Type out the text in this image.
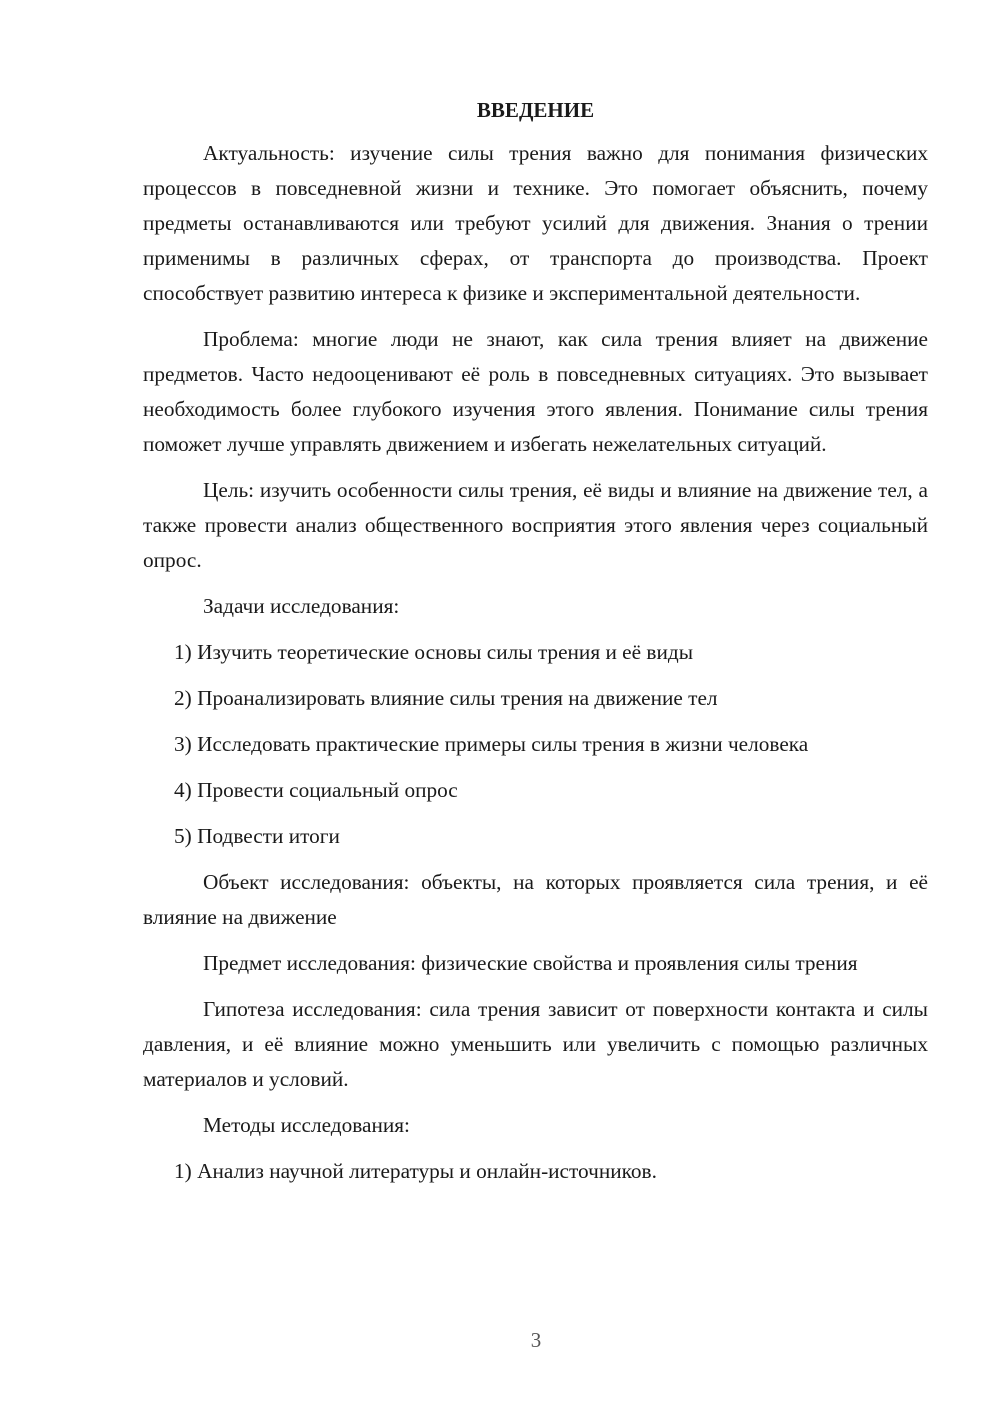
ВВЕДЕНИЕ

Актуальность: изучение силы трения важно для понимания физических процессов в повседневной жизни и технике. Это помогает объяснить, почему предметы останавливаются или требуют усилий для движения. Знания о трении применимы в различных сферах, от транспорта до производства. Проект способствует развитию интереса к физике и экспериментальной деятельности.

Проблема: многие люди не знают, как сила трения влияет на движение предметов. Часто недооценивают её роль в повседневных ситуациях. Это вызывает необходимость более глубокого изучения этого явления. Понимание силы трения поможет лучше управлять движением и избегать нежелательных ситуаций.

Цель: изучить особенности силы трения, её виды и влияние на движение тел, а также провести анализ общественного восприятия этого явления через социальный опрос.

Задачи исследования:
1) Изучить теоретические основы силы трения и её виды
2) Проанализировать влияние силы трения на движение тел
3) Исследовать практические примеры силы трения в жизни человека
4) Провести социальный опрос
5) Подвести итоги

Объект исследования: объекты, на которых проявляется сила трения, и её влияние на движение

Предмет исследования: физические свойства и проявления силы трения

Гипотеза исследования: сила трения зависит от поверхности контакта и силы давления, и её влияние можно уменьшить или увеличить с помощью различных материалов и условий.

Методы исследования:
1) Анализ научной литературы и онлайн-источников.
3
